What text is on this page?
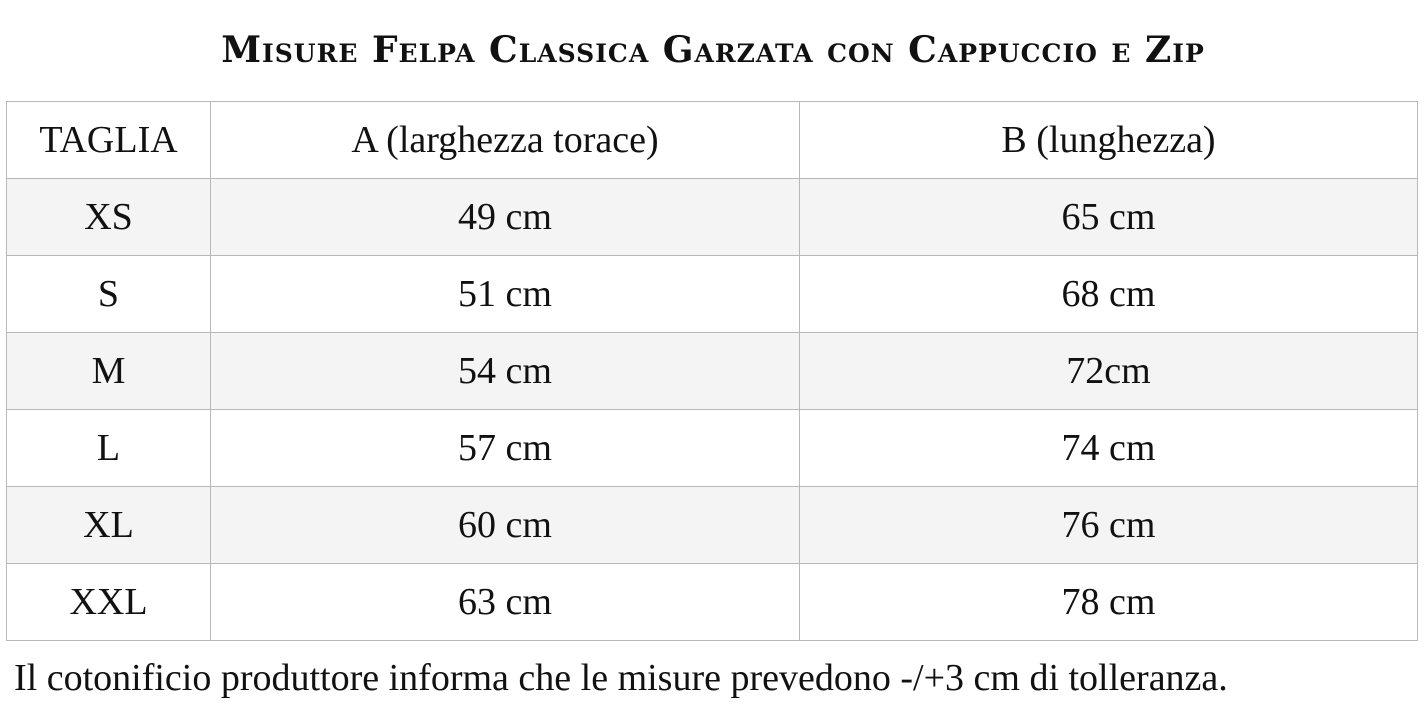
Misure Felpa Classica Garzata con Cappuccio e Zip
TAGLIA	A (larghezza torace)	B (lunghezza)
XS	49 cm	65 cm
S	51 cm	68 cm
M	54 cm	72cm
L	57 cm	74 cm
XL	60 cm	76 cm
XXL	63 cm	78 cm
Il cotonificio produttore informa che le misure prevedono -/+3 cm di tolleranza.
